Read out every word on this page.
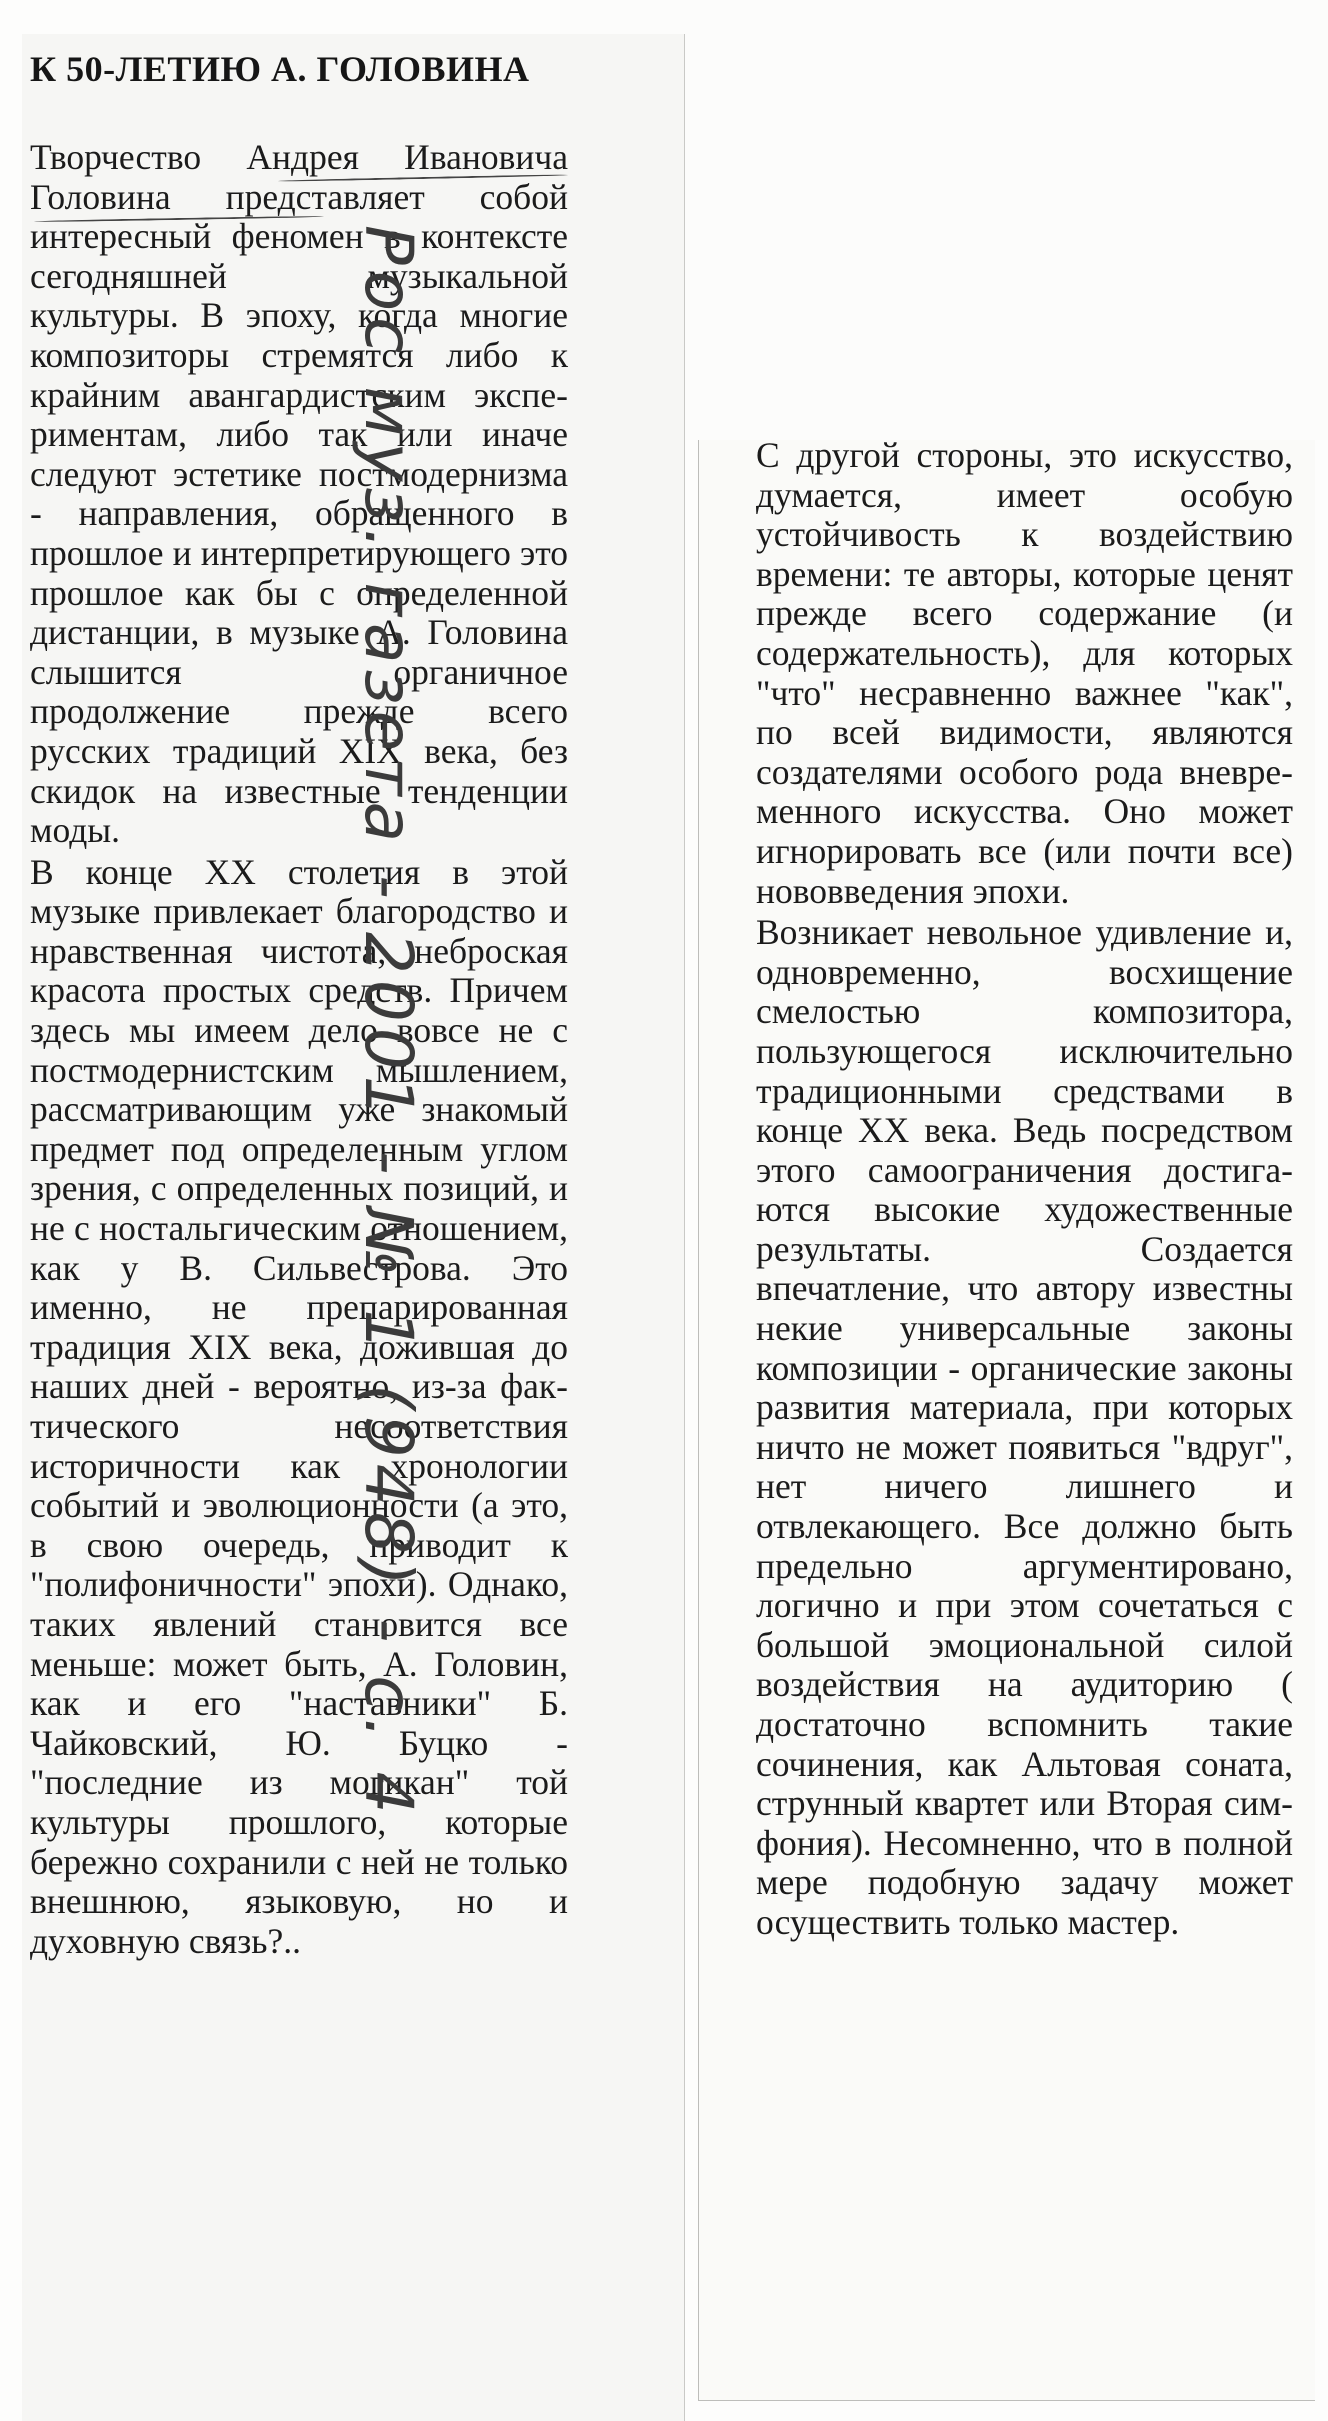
К 50-ЛЕТИЮ А. ГОЛОВИНА

Творчество Андрея Ивановича Головина представляет собой интересный феномен в контексте сегодняшней музыкальной культуры. В эпоху, когда многие композиторы стремятся либо к крайним авангардистским экспериментам, либо так или иначе следуют эстетике постмодернизма - направления, обращенного в прошлое и интерпретирующего это прошлое как бы с определенной дистанции, в музыке А. Головина слышится органичное продолжение прежде всего русских традиций XIX века, без скидок на известные тенденции моды.

В конце XX столетия в этой музыке привлекает благородство и нравственная чистота, неброская красота простых средств. Причем здесь мы имеем дело вовсе не с постмодернистским мышлением, рассматривающим уже знакомый предмет под определенным углом зрения, с определенных позиций, и не с ностальгическим отношением, как у В. Сильвестрова. Это именно, не препарированная традиция XIX века, дожившая до наших дней - вероятно, из-за фактического несоответствия историчности как хронологии событий и эволюционности (а это, в свою очередь, приводит к "полифоничности" эпохи). Однако, таких явлений становится все меньше: может быть, А. Головин, как и его "наставники" Б. Чайковский, Ю. Буцко - "последние из могикан" той культуры прошлого, которые бережно сохранили с ней не только внешнюю, языковую, но и духовную связь?..

Рос муз. газета - 2001 - № 1 (948) - с. 4	С другой стороны, это искусство, думается, имеет особую устойчивость к воздействию времени: те авторы, которые ценят прежде всего содержание (и содержательность), для которых "что" несравненно важнее "как", по всей видимости, являются создателями особого рода вневременного искусства. Оно может игнорировать все (или почти все) нововведения эпохи.

Возникает невольное удивление и, одновременно, восхищение смелостью композитора, пользующегося исключительно традиционными средствами в конце XX века. Ведь посредством этого самоограничения достигаются высокие художественные результаты. Создается впечатление, что автору известны некие универсальные законы композиции - органические законы развития материала, при которых ничто не может появиться "вдруг", нет ничего лишнего и отвлекающего. Все должно быть предельно аргументировано, логично и при этом сочетаться с большой эмоциональной силой воздействия на аудиторию ( достаточно вспомнить такие сочинения, как Альтовая соната, струнный квартет или Вторая симфония). Несомненно, что в полной мере подобную задачу может осуществить только мастер.
